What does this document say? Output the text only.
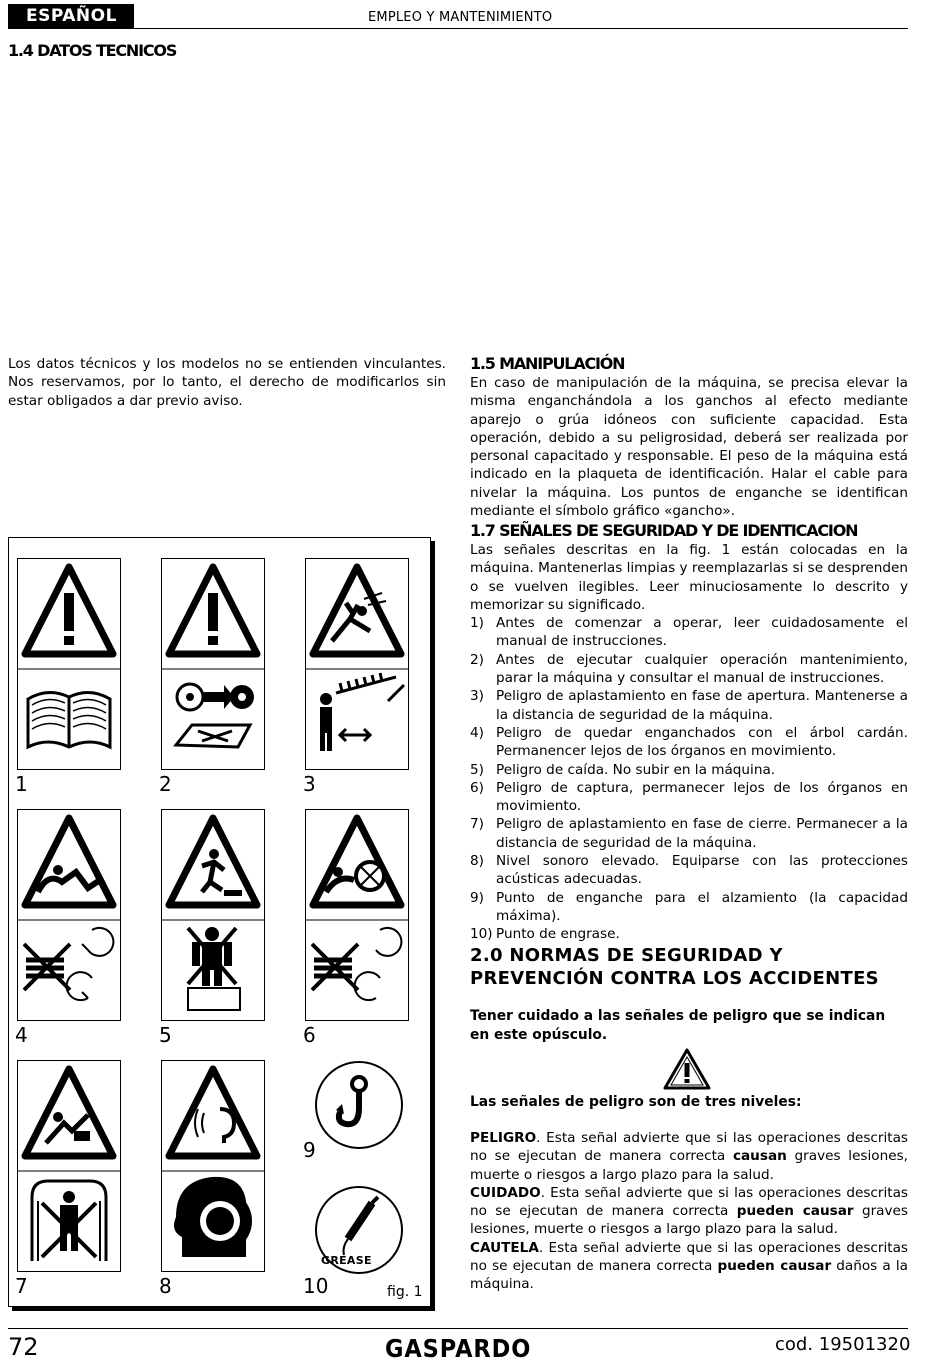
ESPAÑOL	EMPLEO Y MANTENIMIENTO
1.4 DATOS TECNICOS
Los datos técnicos y los modelos no se entienden vinculantes. Nos reservamos, por lo tanto, el derecho de modificarlos sin estar obligados a dar previo aviso.
1.5 MANIPULACIÓN
En caso de manipulación de la máquina, se precisa elevar la misma enganchándola a los ganchos al efecto mediante aparejo o grúa idóneos con suficiente capacidad. Esta operación, debido a su peligrosidad, deberá ser realizada por personal capacitado y responsable. El peso de la máquina está indicado en la plaqueta de identificación. Halar el cable para nivelar la máquina. Los puntos de enganche se identifican mediante el símbolo gráfico «gancho».
1.7 SEÑALES DE SEGURIDAD Y DE IDENTICACION
Las señales descritas en la fig. 1 están colocadas en la máquina. Mantenerlas limpias y reemplazarlas si se desprenden o se vuelven ilegibles. Leer minuciosamente lo descrito y memorizar su significado.
1) Antes de comenzar a operar, leer cuidadosamente el manual de instrucciones.
2) Antes de ejecutar cualquier operación mantenimiento, parar la máquina y consultar el manual de instrucciones.
3) Peligro de aplastamiento en fase de apertura. Mantenerse a la distancia de seguridad de la máquina.
4) Peligro de quedar enganchados con el árbol cardán. Permanencer lejos de los órganos en movimiento.
5) Peligro de caída. No subir en la máquina.
6) Peligro de captura, permanecer lejos de los órganos en movimiento.
7) Peligro de aplastamiento en fase de cierre. Permanecer a la distancia de seguridad de la máquina.
8) Nivel sonoro elevado. Equiparse con las protecciones acústicas adecuadas.
9) Punto de enganche para el alzamiento (la capacidad máxima).
10) Punto de engrase.
2.0 NORMAS DE SEGURIDAD Y PREVENCIÓN CONTRA LOS ACCIDENTES
Tener cuidado a las señales de peligro que se indican en este opúsculo.
Las señales de peligro son de tres niveles:
PELIGRO. Esta señal advierte que si las operaciones descritas no se ejecutan de manera correcta causan graves lesiones, muerte o riesgos a largo plazo para la salud.
CUIDADO. Esta señal advierte que si las operaciones descritas no se ejecutan de manera correcta pueden causar graves lesiones, muerte o riesgos a largo plazo para la salud.
CAUTELA. Esta señal advierte que si las operaciones descritas no se ejecutan de manera correcta pueden causar daños a la máquina.
GREASE
1	2	3
4	5	6
9
7	8	10	fig. 1
72	GASPARDO	cod. 19501320
